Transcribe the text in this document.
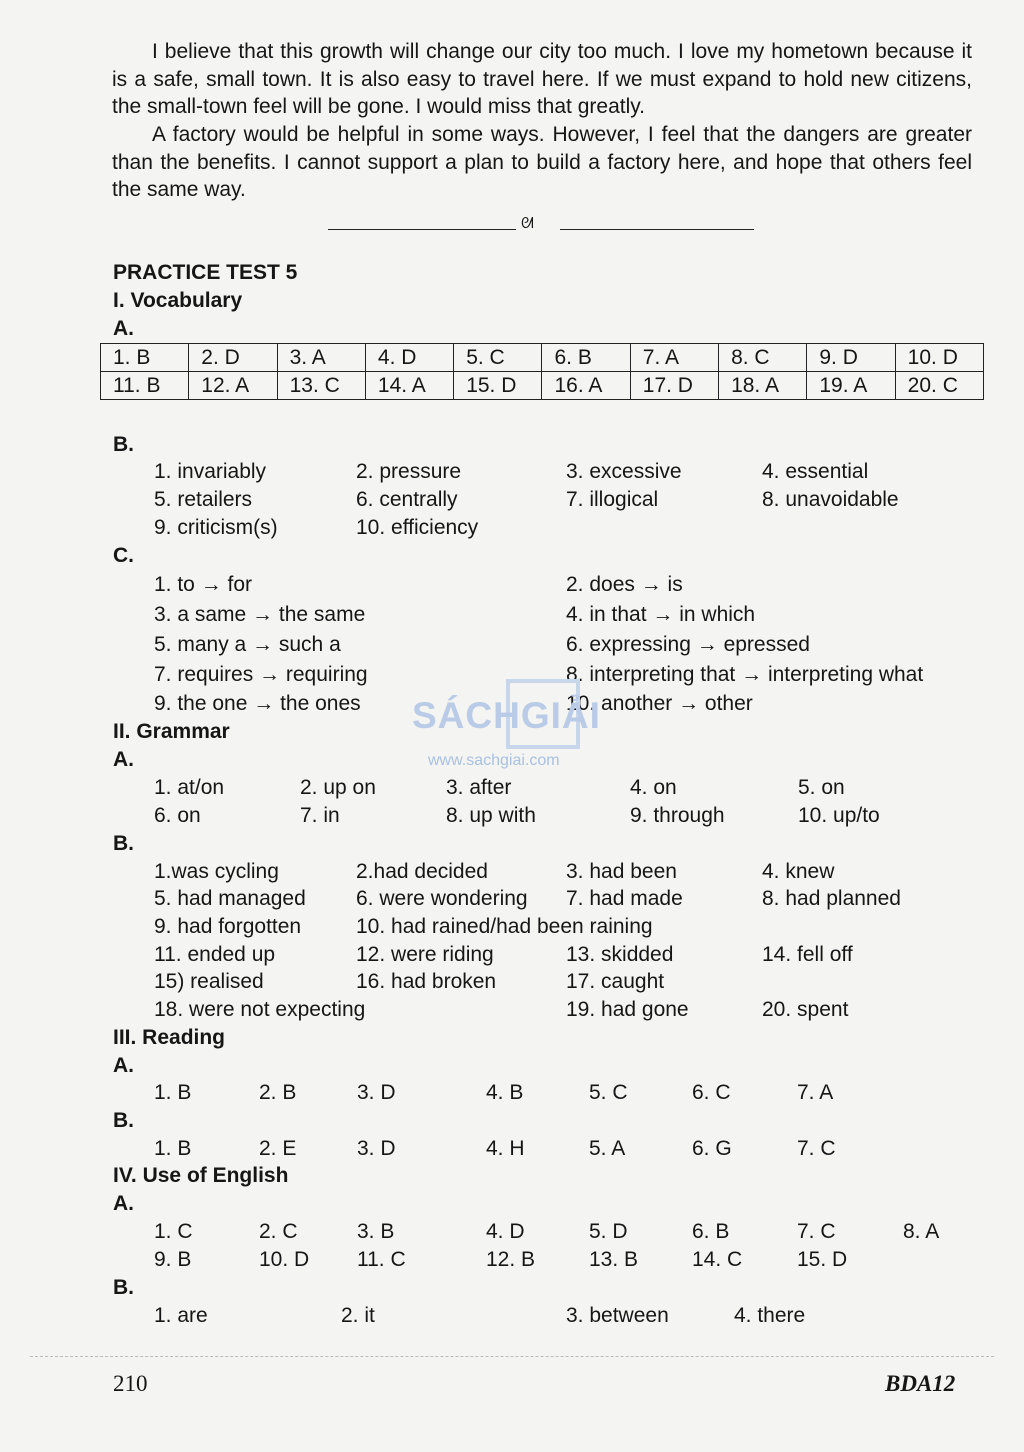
I believe that this growth will change our city too much. I love my hometown because it is a safe, small town. It is also easy to travel here. If we must expand to hold new citizens, the small-town feel will be gone. I would miss that greatly.

A factory would be helpful in some ways. However, I feel that the dangers are greater than the benefits. I cannot support a plan to build a factory here, and hope that others feel the same way.

ᘛ
PRACTICE TEST 5
I. Vocabulary
A.
1. B	2. D	3. A	4. D	5. C	6. B	7. A	8. C	9. D	10. D
11. B	12. A	13. C	14. A	15. D	16. A	17. D	18. A	19. A	20. C
B.
1. invariably	2. pressure	3. excessive	4. essential
5. retailers	6. centrally	7. illogical	8. unavoidable
9. criticism(s)	10. efficiency
C.
1. to → for	2. does → is
3. a same → the same	4. in that → in which
5. many a → such a	6. expressing → epressed
7. requires → requiring	8. interpreting that → interpreting what
9. the one → the ones	10. another → other
SÁCHGIẢI
www.sachgiai.com
II. Grammar
A.
1. at/on	2. up on	3. after	4. on	5. on
6. on	7. in	8. up with	9. through	10. up/to
B.
1.was cycling	2.had decided	3. had been	4. knew
5. had managed 6. were wondering 7. had made	8. had planned
9. had forgotten	10. had rained/had been raining
11. ended up	12. were riding	13. skidded	14. fell off
15) realised	16. had broken	17. caught
18. were not expecting	19. had gone	20. spent
III. Reading
A.
1. B	2. B	3. D	4. B	5. C	6. C	7. A
B.
1. B	2. E	3. D	4. H	5. A	6. G	7. C
IV. Use of English
A.
1. C	2. C	3. B	4. D	5. D	6. B	7. C	8. A
9. B	10. D 11. C	12. B	13. B	14. C	15. D
B.
1. are	2. it	3. between	4. there
210	BDA12
